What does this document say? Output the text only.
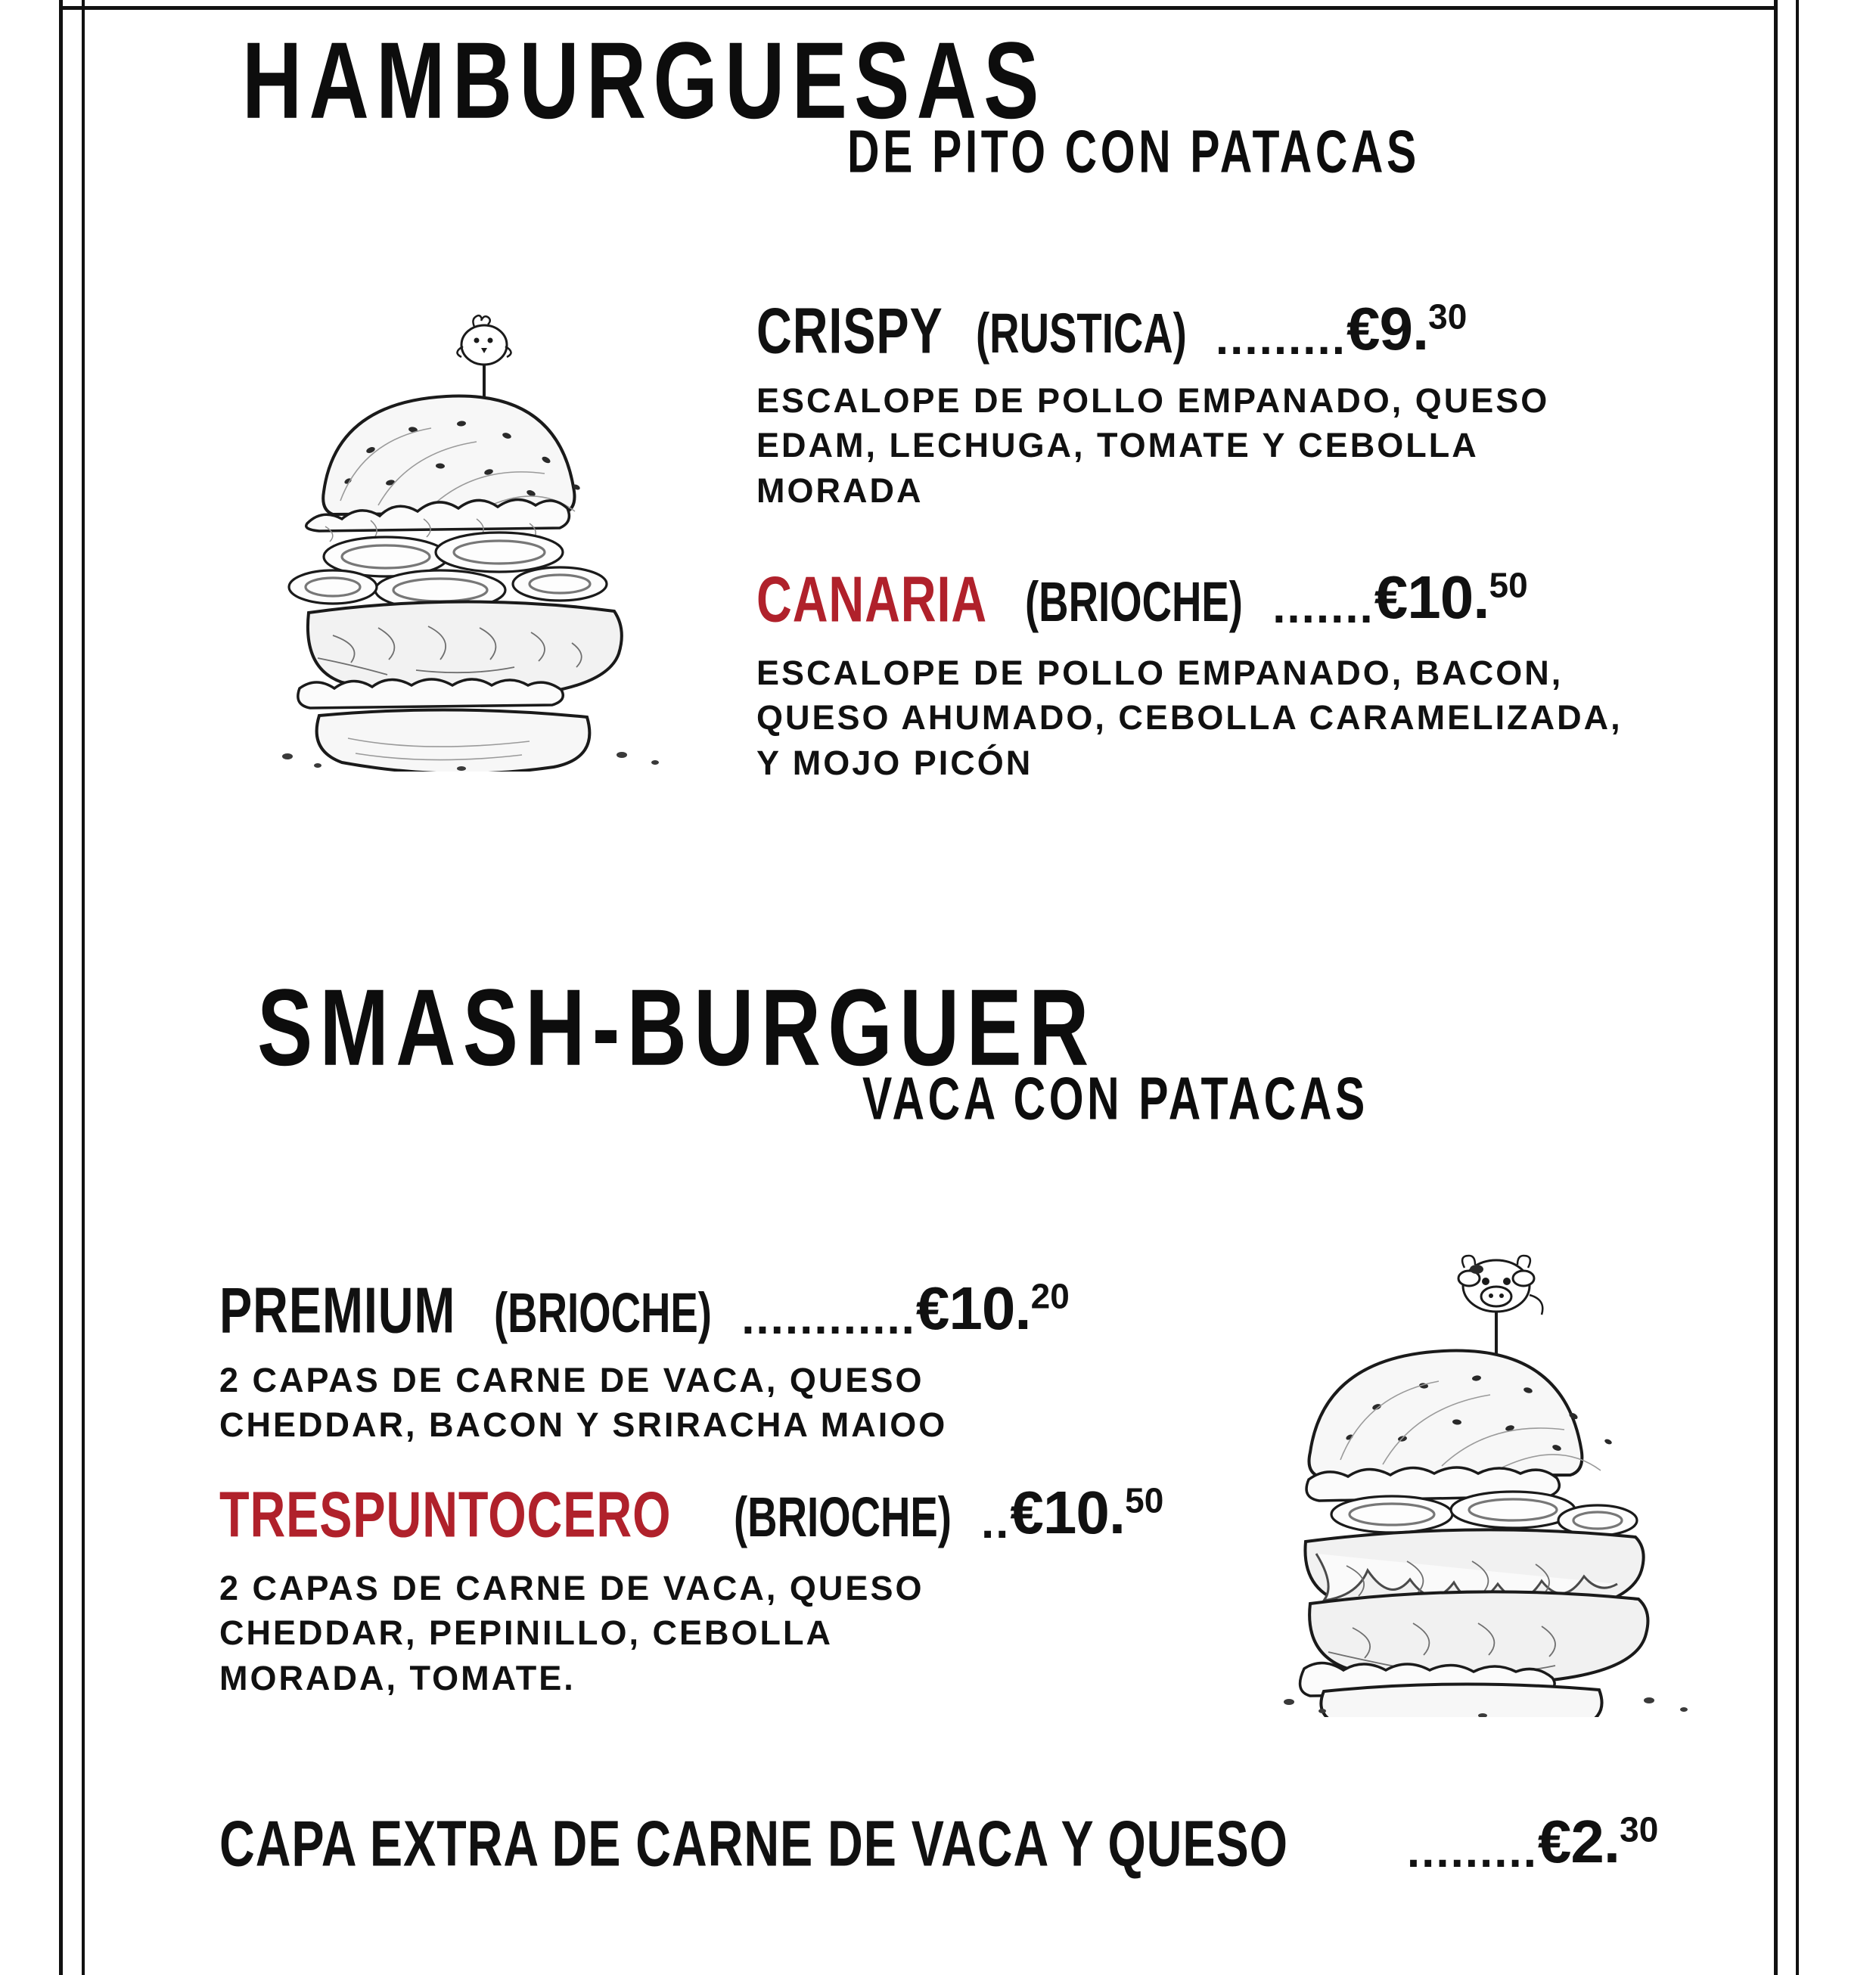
HAMBURGUESAS
DE PITO CON PATACAS
CRISPY (RUSTICA) ......... €9.30
ESCALOPE DE POLLO EMPANADO, QUESO EDAM, LECHUGA, TOMATE Y CEBOLLA MORADA
CANARIA (BRIOCHE) ....... €10.50
ESCALOPE DE POLLO EMPANADO, BACON, QUESO AHUMADO, CEBOLLA CARAMELIZADA, Y MOJO PICÓN
SMASH-BURGUER
VACA CON PATACAS
PREMIUM (BRIOCHE) ............ €10.20
2 CAPAS DE CARNE DE VACA, QUESO CHEDDAR, BACON Y SRIRACHA MAIOO
TRESPUNTOCERO (BRIOCHE) .. €10.50
2 CAPAS DE CARNE DE VACA, QUESO CHEDDAR, PEPINILLO, CEBOLLA MORADA, TOMATE.
CAPA EXTRA DE CARNE DE VACA Y QUESO	......... €2.30
